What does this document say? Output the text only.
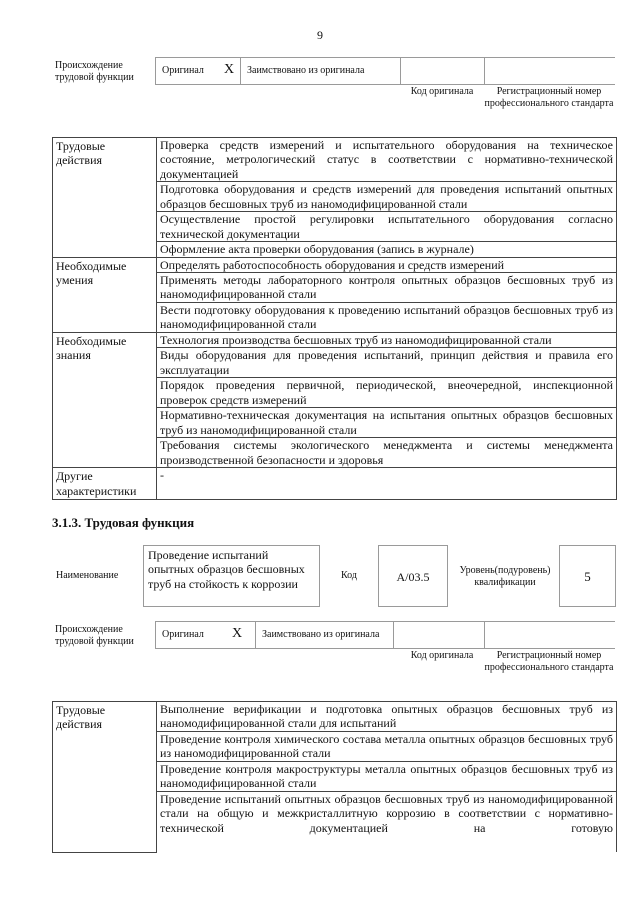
9
Происхождение трудовой функции
Оригинал X Заимствовано из оригинала
Код оригинала	Регистрационный номер профессионального стандарта
Трудовые действия	Проверка средств измерений и испытательного оборудования на техническое состояние, метрологический статус в соответствии с нормативно-технической документацией
	Подготовка оборудования и средств измерений для проведения испытаний опытных образцов бесшовных труб из наномодифицированной стали
	Осуществление простой регулировки испытательного оборудования согласно технической документации
	Оформление акта проверки оборудования (запись в журнале)
Необходимые умения	Определять работоспособность оборудования и средств измерений
	Применять методы лабораторного контроля опытных образцов бесшовных труб из наномодифицированной стали
	Вести подготовку оборудования к проведению испытаний образцов бесшовных труб из наномодифицированной стали
Необходимые знания	Технология производства бесшовных труб из наномодифицированной стали
	Виды оборудования для проведения испытаний, принцип действия и правила его эксплуатации
	Порядок проведения первичной, периодической, внеочередной, инспекционной проверок средств измерений
	Нормативно-техническая документация на испытания опытных образцов бесшовных труб из наномодифицированной стали
	Требования системы экологического менеджмента и системы менеджмента производственной безопасности и здоровья
Другие характеристики	-
3.1.3. Трудовая функция
Наименование
Проведение испытаний опытных образцов бесшовных труб на стойкость к коррозии
Код	A/03.5	Уровень(подуровень) квалификации	5
Происхождение трудовой функции
Оригинал X Заимствовано из оригинала
Код оригинала	Регистрационный номер профессионального стандарта
Трудовые действия	Выполнение верификации и подготовка опытных образцов бесшовных труб из наномодифицированной стали для испытаний
Проведение контроля химического состава металла опытных образцов бесшовных труб из наномодифицированной стали
Проведение контроля макроструктуры металла опытных образцов бесшовных труб из наномодифицированной стали
Проведение испытаний опытных образцов бесшовных труб из наномодифицированной стали на общую и межкристаллитную коррозию в соответствии с нормативно-технической документацией на готовую
